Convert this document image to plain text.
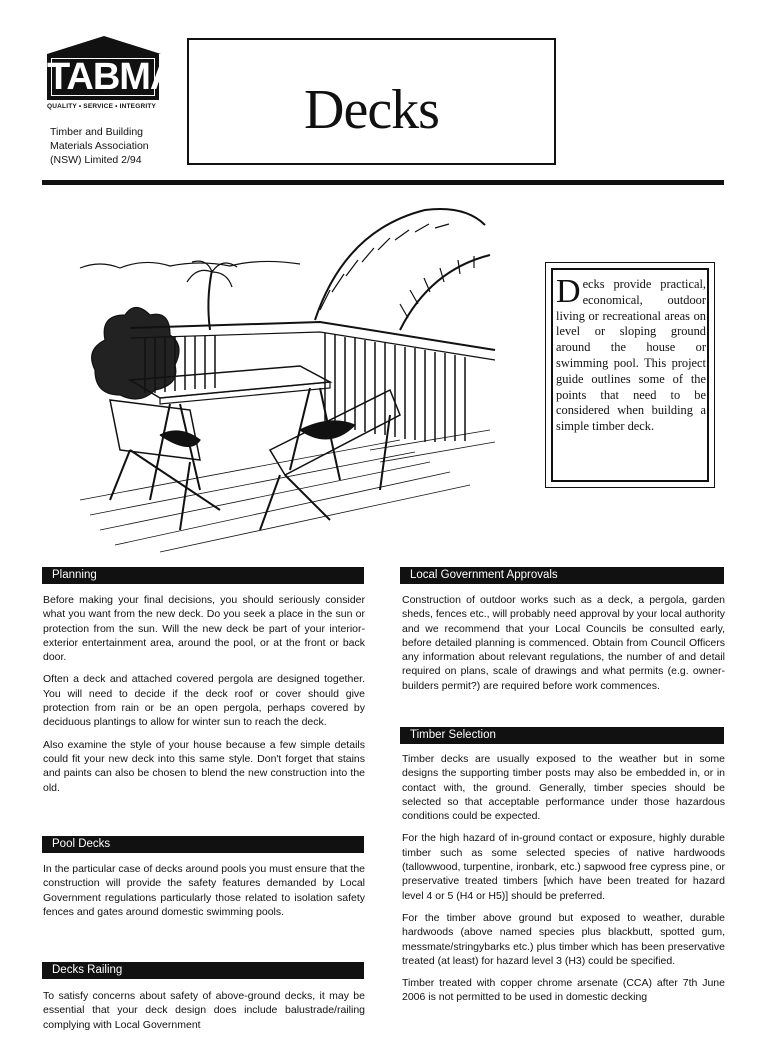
TABMA
QUALITY • SERVICE • INTEGRITY
Timber and Building
Materials Association
(NSW) Limited 2/94
Decks
Decks provide practical, economical, outdoor living or recreational areas on level or sloping ground around the house or swimming pool. This project guide outlines some of the points that need to be considered when building a simple timber deck.
Planning

Before making your final decisions, you should seriously consider what you want from the new deck. Do you seek a place in the sun or protection from the sun. Will the new deck be part of your interior-exterior entertainment area, around the pool, or at the front or back door.

Often a deck and attached covered pergola are designed together. You will need to decide if the deck roof or cover should give protection from rain or be an open pergola, perhaps covered by deciduous plantings to allow for winter sun to reach the deck.

Also examine the style of your house because a few simple details could fit your new deck into this same style. Don't forget that stains and paints can also be chosen to blend the new construction into the old.

Pool Decks

In the particular case of decks around pools you must ensure that the construction will provide the safety features demanded by Local Government regulations particularly those related to isolation safety fences and gates around domestic swimming pools.

Decks Railing

To satisfy concerns about safety of above-ground decks, it may be essential that your deck design does include balustrade/railing complying with Local Government

Local Government Approvals

Construction of outdoor works such as a deck, a pergola, garden sheds, fences etc., will probably need approval by your local authority and we recommend that your Local Councils be consulted early, before detailed planning is commenced. Obtain from Council Officers any information about relevant regulations, the number of and detail required on plans, scale of drawings and what permits (e.g. owner-builders permit?) are required before work commences.

Timber Selection

Timber decks are usually exposed to the weather but in some designs the supporting timber posts may also be embedded in, or in contact with, the ground. Generally, timber species should be selected so that acceptable performance under those hazardous conditions could be expected.

For the high hazard of in-ground contact or exposure, highly durable timber such as some selected species of native hardwoods (tallowwood, turpentine, ironbark, etc.) sapwood free cypress pine, or preservative treated timbers [which have been treated for hazard level 4 or 5 (H4 or H5)] should be preferred.

For the timber above ground but exposed to weather, durable hardwoods (above named species plus blackbutt, spotted gum, messmate/stringybarks etc.) plus timber which has been preservative treated (at least) for hazard level 3 (H3) could be specified.

Timber treated with copper chrome arsenate (CCA) after 7th June 2006 is not permitted to be used in domestic decking
